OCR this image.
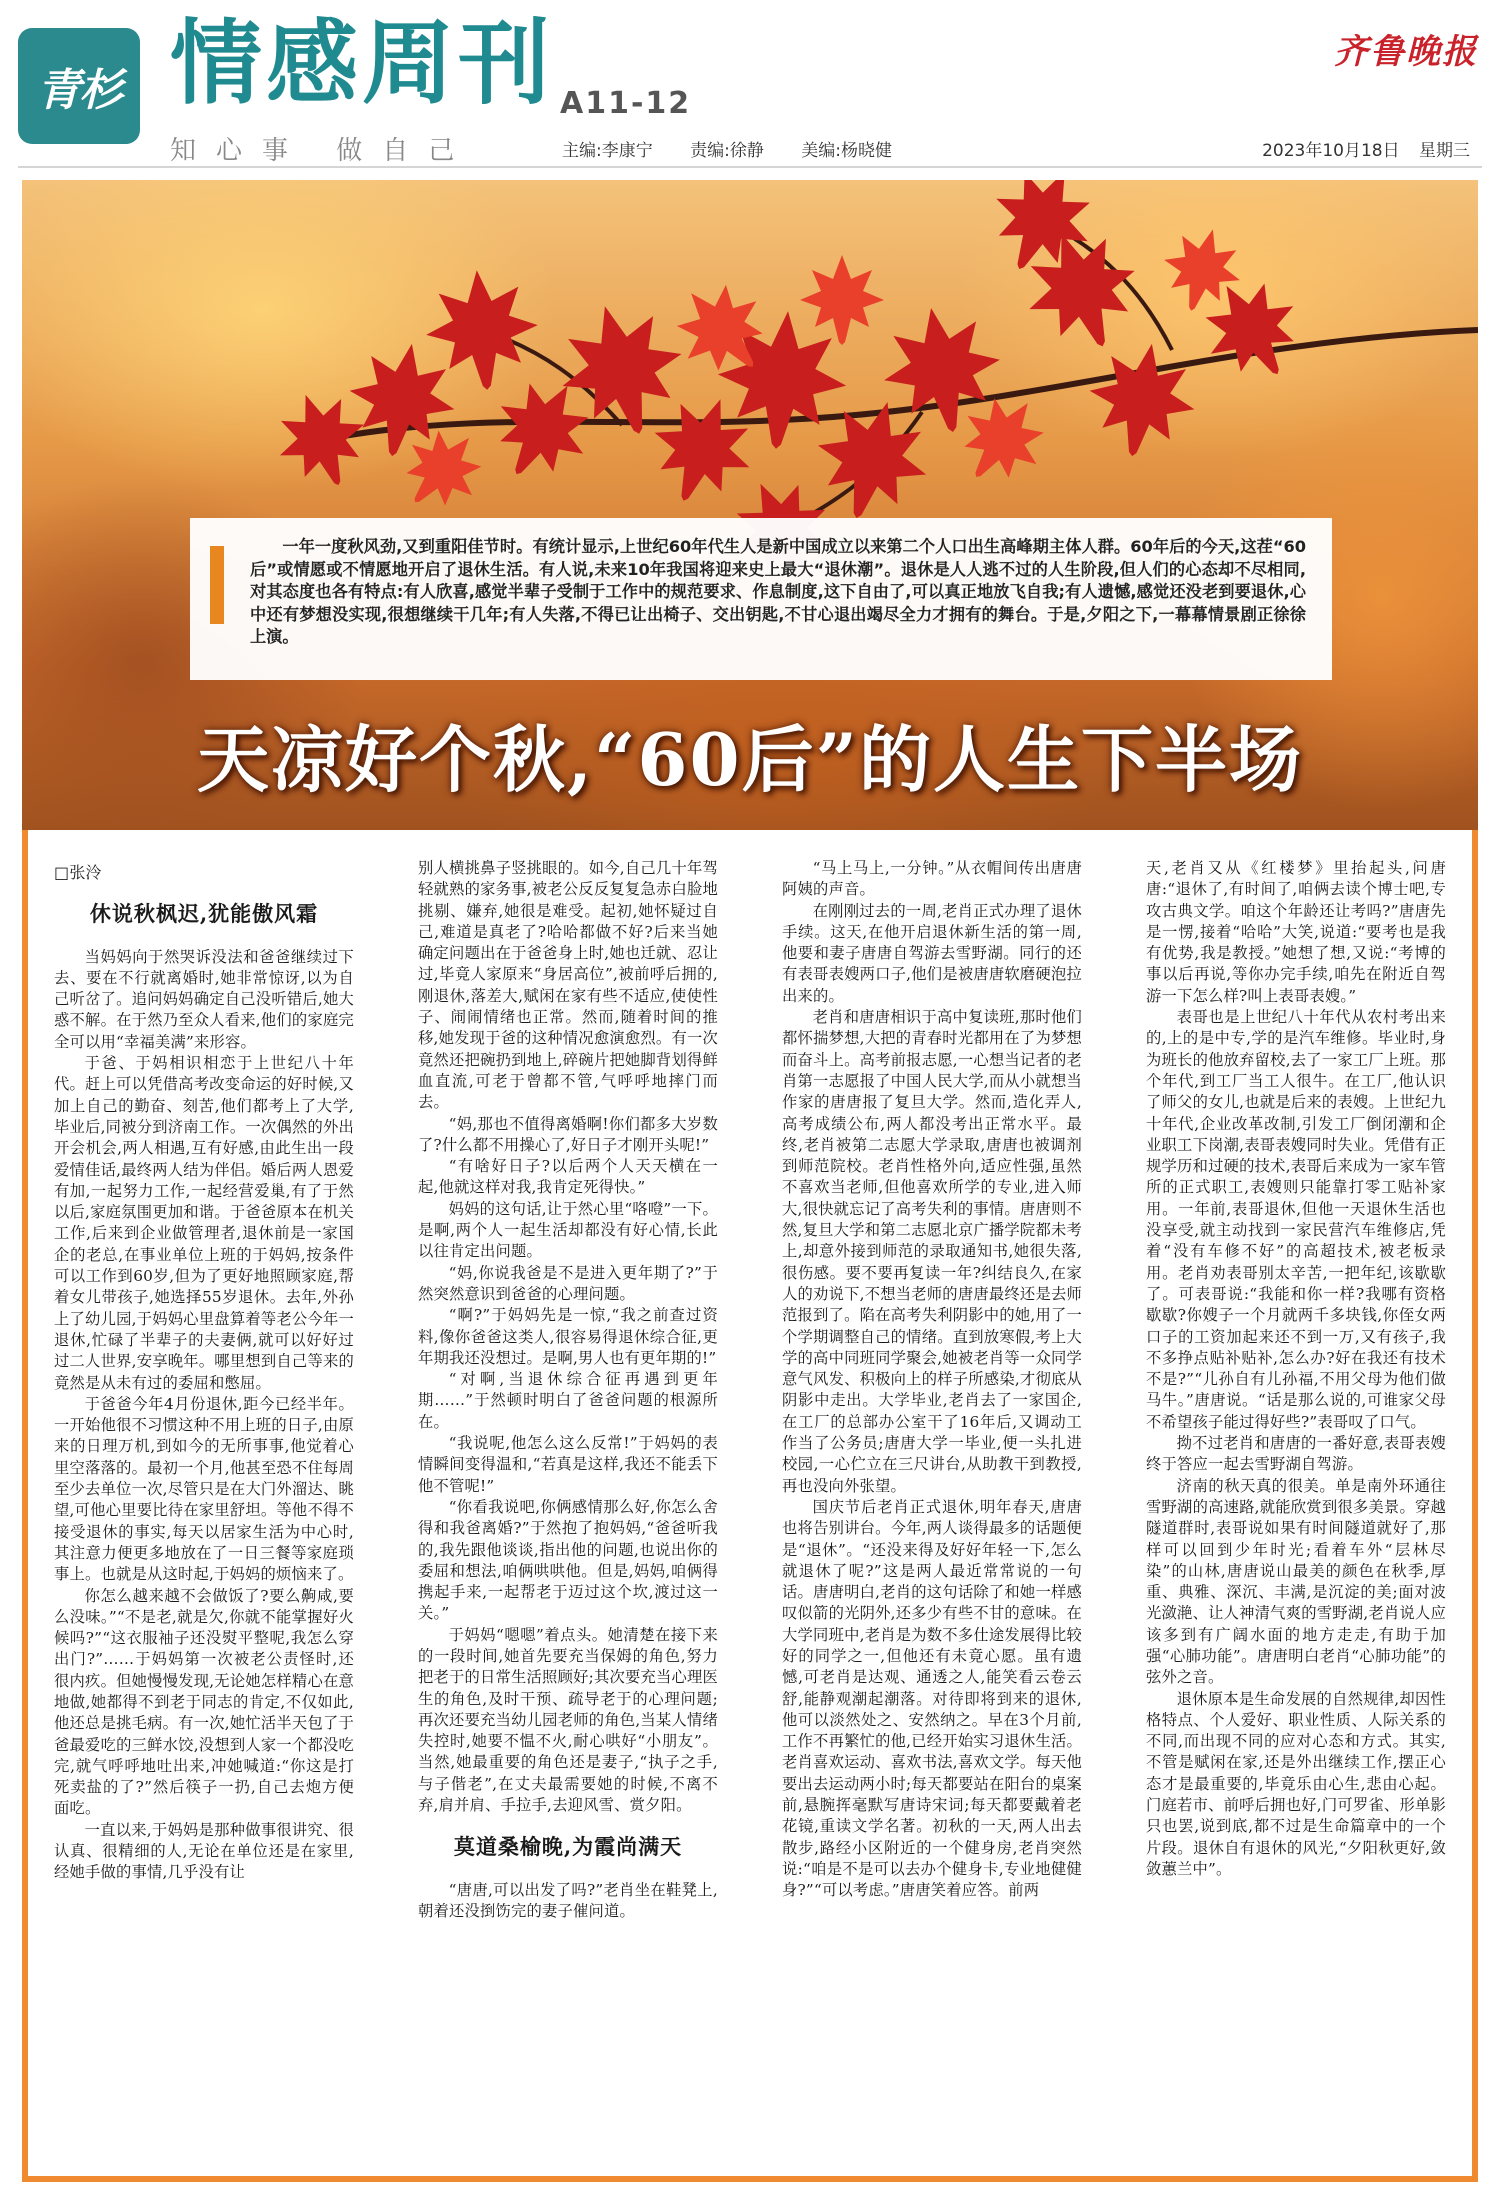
青杉 情感周刊 A11-12
知心事 做自己	主编:李康宁 责编:徐静 美编:杨晓健	2023年10月18日 星期三
齐鲁晚报
一年一度秋风劲,又到重阳佳节时。有统计显示,上世纪60年代生人是新中国成立以来第二个人口出生高峰期主体人群。60年后的今天,这茬“60后”或情愿或不情愿地开启了退休生活。有人说,未来10年我国将迎来史上最大“退休潮”。退休是人人逃不过的人生阶段,但人们的心态却不尽相同,对其态度也各有特点:有人欣喜,感觉半辈子受制于工作中的规范要求、作息制度,这下自由了,可以真正地放飞自我;有人遗憾,感觉还没老到要退休,心中还有梦想没实现,很想继续干几年;有人失落,不得已让出椅子、交出钥匙,不甘心退出竭尽全力才拥有的舞台。于是,夕阳之下,一幕幕情景剧正徐徐上演。
天凉好个秋,“60后”的人生下半场
□张泠
休说秋枫迟,犹能傲风霜

当妈妈向于然哭诉没法和爸爸继续过下去、要在不行就离婚时,她非常惊讶,以为自己听岔了。追问妈妈确定自己没听错后,她大惑不解。在于然乃至众人看来,他们的家庭完全可以用“幸福美满”来形容。

于爸、于妈相识相恋于上世纪八十年代。赶上可以凭借高考改变命运的好时候,又加上自己的勤奋、刻苦,他们都考上了大学,毕业后,同被分到济南工作。一次偶然的外出开会机会,两人相遇,互有好感,由此生出一段爱情佳话,最终两人结为伴侣。婚后两人恩爱有加,一起努力工作,一起经营爱巢,有了于然以后,家庭氛围更加和谐。于爸爸原本在机关工作,后来到企业做管理者,退休前是一家国企的老总,在事业单位上班的于妈妈,按条件可以工作到60岁,但为了更好地照顾家庭,帮着女儿带孩子,她选择55岁退休。去年,外孙上了幼儿园,于妈妈心里盘算着等老公今年一退休,忙碌了半辈子的夫妻俩,就可以好好过过二人世界,安享晚年。哪里想到自己等来的竟然是从未有过的委屈和憋屈。

于爸爸今年4月份退休,距今已经半年。一开始他很不习惯这种不用上班的日子,由原来的日理万机,到如今的无所事事,他觉着心里空落落的。最初一个月,他甚至恐不住每周至少去单位一次,尽管只是在大门外溜达、眺望,可他心里要比待在家里舒坦。等他不得不接受退休的事实,每天以居家生活为中心时,其注意力便更多地放在了一日三餐等家庭琐事上。也就是从这时起,于妈妈的烦恼来了。

你怎么越来越不会做饭了?要么齁咸,要么没味。”“不是老,就是欠,你就不能掌握好火候吗?”“这衣服袖子还没熨平整呢,我怎么穿出门?”……于妈妈第一次被老公责怪时,还很内疚。但她慢慢发现,无论她怎样精心在意地做,她都得不到老于同志的肯定,不仅如此,他还总是挑毛病。有一次,她忙活半天包了于爸最爱吃的三鲜水饺,没想到人家一个都没吃完,就气呼呼地吐出来,冲她喊道:“你这是打死卖盐的了?”然后筷子一扔,自己去炮方便面吃。

一直以来,于妈妈是那种做事很讲究、很认真、很精细的人,无论在单位还是在家里,经她手做的事情,几乎没有让

别人横挑鼻子竖挑眼的。如今,自己几十年驾轻就熟的家务事,被老公反反复复急赤白脸地挑剔、嫌弃,她很是难受。起初,她怀疑过自己,难道是真老了?哈哈都做不好?后来当她确定问题出在于爸爸身上时,她也迁就、忍让过,毕竟人家原来“身居高位”,被前呼后拥的,刚退休,落差大,赋闲在家有些不适应,使使性子、闹闹情绪也正常。然而,随着时间的推移,她发现于爸的这种情况愈演愈烈。有一次竟然还把碗扔到地上,碎碗片把她脚背划得鲜血直流,可老于曾都不管,气呼呼地摔门而去。

“妈,那也不值得离婚啊!你们都多大岁数了?什么都不用操心了,好日子才刚开头呢!”

“有啥好日子?以后两个人天天横在一起,他就这样对我,我肯定死得快。”

妈妈的这句话,让于然心里“咯噔”一下。是啊,两个人一起生活却都没有好心情,长此以往肯定出问题。

“妈,你说我爸是不是进入更年期了?”于然突然意识到爸爸的心理问题。

“啊?”于妈妈先是一惊,“我之前查过资料,像你爸爸这类人,很容易得退休综合征,更年期我还没想过。是啊,男人也有更年期的!”

“对啊,当退休综合征再遇到更年期……”于然顿时明白了爸爸问题的根源所在。

“我说呢,他怎么这么反常!”于妈妈的表情瞬间变得温和,“若真是这样,我还不能丢下他不管呢!”

“你看我说吧,你俩感情那么好,你怎么舍得和我爸离婚?”于然抱了抱妈妈,“爸爸听我的,我先跟他谈谈,指出他的问题,也说出你的委屈和想法,咱俩哄哄他。但是,妈妈,咱俩得携起手来,一起帮老于迈过这个坎,渡过这一关。”

于妈妈“嗯嗯”着点头。她清楚在接下来的一段时间,她首先要充当保姆的角色,努力把老于的日常生活照顾好;其次要充当心理医生的角色,及时干预、疏导老于的心理问题;再次还要充当幼儿园老师的角色,当某人情绪失控时,她要不愠不火,耐心哄好“小朋友”。当然,她最重要的角色还是妻子,“执子之手,与子偕老”,在丈夫最需要她的时候,不离不弃,肩并肩、手拉手,去迎风雪、赏夕阳。

莫道桑榆晚,为霞尚满天

“唐唐,可以出发了吗?”老肖坐在鞋凳上,朝着还没捯饬完的妻子催问道。

“马上马上,一分钟。”从衣帽间传出唐唐阿姨的声音。

在刚刚过去的一周,老肖正式办理了退休手续。这天,在他开启退休新生活的第一周,他要和妻子唐唐自驾游去雪野湖。同行的还有表哥表嫂两口子,他们是被唐唐软磨硬泡拉出来的。

老肖和唐唐相识于高中复读班,那时他们都怀揣梦想,大把的青春时光都用在了为梦想而奋斗上。高考前报志愿,一心想当记者的老肖第一志愿报了中国人民大学,而从小就想当作家的唐唐报了复旦大学。然而,造化弄人,高考成绩公布,两人都没考出正常水平。最终,老肖被第二志愿大学录取,唐唐也被调剂到师范院校。老肖性格外向,适应性强,虽然不喜欢当老师,但他喜欢所学的专业,进入师大,很快就忘记了高考失利的事情。唐唐则不然,复旦大学和第二志愿北京广播学院都未考上,却意外接到师范的录取通知书,她很失落,很伤感。要不要再复读一年?纠结良久,在家人的劝说下,不想当老师的唐唐最终还是去师范报到了。陷在高考失利阴影中的她,用了一个学期调整自己的情绪。直到放寒假,考上大学的高中同班同学聚会,她被老肖等一众同学意气风发、积极向上的样子所感染,才彻底从阴影中走出。大学毕业,老肖去了一家国企,在工厂的总部办公室干了16年后,又调动工作当了公务员;唐唐大学一毕业,便一头扎进校园,一心伫立在三尺讲台,从助教干到教授,再也没向外张望。

国庆节后老肖正式退休,明年春天,唐唐也将告别讲台。今年,两人谈得最多的话题便是“退休”。“还没来得及好好年轻一下,怎么就退休了呢?”这是两人最近常常说的一句话。唐唐明白,老肖的这句话除了和她一样感叹似箭的光阴外,还多少有些不甘的意味。在大学同班中,老肖是为数不多仕途发展得比较好的同学之一,但他还有未竟心愿。虽有遗憾,可老肖是达观、通透之人,能笑看云卷云舒,能静观潮起潮落。对待即将到来的退休,他可以淡然处之、安然纳之。早在3个月前,工作不再繁忙的他,已经开始实习退休生活。老肖喜欢运动、喜欢书法,喜欢文学。每天他要出去运动两小时;每天都要站在阳台的桌案前,悬腕挥毫默写唐诗宋词;每天都要戴着老花镜,重读文学名著。初秋的一天,两人出去散步,路经小区附近的一个健身房,老肖突然说:“咱是不是可以去办个健身卡,专业地健健身?”“可以考虑。”唐唐笑着应答。前两

天,老肖又从《红楼梦》里抬起头,问唐唐:“退休了,有时间了,咱俩去读个博士吧,专攻古典文学。咱这个年龄还让考吗?”唐唐先是一愣,接着“哈哈”大笑,说道:“要考也是我有优势,我是教授。”她想了想,又说:“考博的事以后再说,等你办完手续,咱先在附近自驾游一下怎么样?叫上表哥表嫂。”

表哥也是上世纪八十年代从农村考出来的,上的是中专,学的是汽车维修。毕业时,身为班长的他放弃留校,去了一家工厂上班。那个年代,到工厂当工人很牛。在工厂,他认识了师父的女儿,也就是后来的表嫂。上世纪九十年代,企业改革改制,引发工厂倒闭潮和企业职工下岗潮,表哥表嫂同时失业。凭借有正规学历和过硬的技术,表哥后来成为一家车管所的正式职工,表嫂则只能靠打零工贴补家用。一年前,表哥退休,但他一天退休生活也没享受,就主动找到一家民营汽车维修店,凭着“没有车修不好”的高超技术,被老板录用。老肖劝表哥别太辛苦,一把年纪,该歇歇了。可表哥说:“我能和你一样?我哪有资格歇歇?你嫂子一个月就两千多块钱,你侄女两口子的工资加起来还不到一万,又有孩子,我不多挣点贴补贴补,怎么办?好在我还有技术不是?”“儿孙自有儿孙福,不用父母为他们做马牛。”唐唐说。“话是那么说的,可谁家父母不希望孩子能过得好些?”表哥叹了口气。

拗不过老肖和唐唐的一番好意,表哥表嫂终于答应一起去雪野湖自驾游。

济南的秋天真的很美。单是南外环通往雪野湖的高速路,就能欣赏到很多美景。穿越隧道群时,表哥说如果有时间隧道就好了,那样可以回到少年时光;看着车外“层林尽染”的山林,唐唐说山最美的颜色在秋季,厚重、典雅、深沉、丰满,是沉淀的美;面对波光潋滟、让人神清气爽的雪野湖,老肖说人应该多到有广阔水面的地方走走,有助于加强“心肺功能”。唐唐明白老肖“心肺功能”的弦外之音。

退休原本是生命发展的自然规律,却因性格特点、个人爱好、职业性质、人际关系的不同,而出现不同的应对心态和方式。其实,不管是赋闲在家,还是外出继续工作,摆正心态才是最重要的,毕竟乐由心生,悲由心起。门庭若市、前呼后拥也好,门可罗雀、形单影只也罢,说到底,都不过是生命篇章中的一个片段。退休自有退休的风光,“夕阳秋更好,敛敛蕙兰中”。
